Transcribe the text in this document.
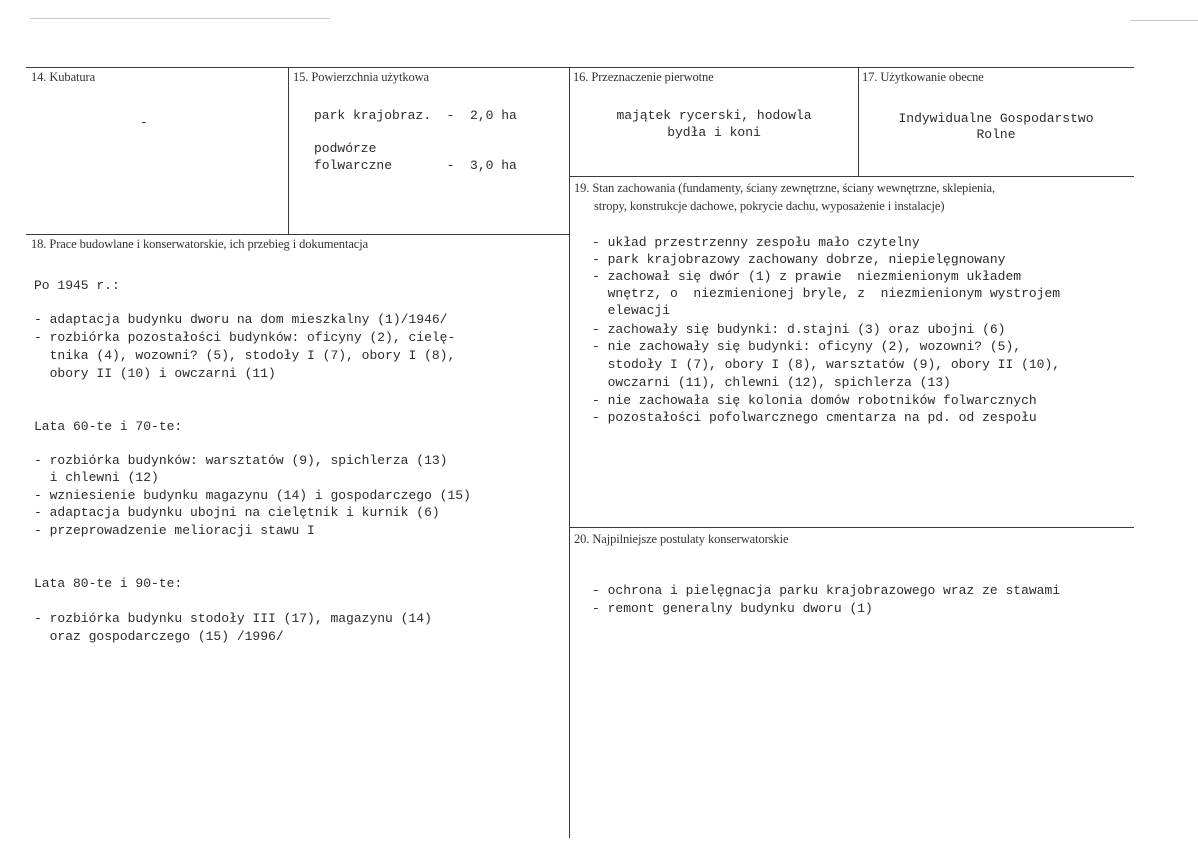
14. Kubatura
-
15. Powierzchnia użytkowa
park krajobraz.  -  2,0 ha
podwórze
folwarczne       -  3,0 ha
16. Przeznaczenie pierwotne
majątek rycerski, hodowla
bydła i koni
17. Użytkowanie obecne
Indywidualne Gospodarstwo
Rolne
19. Stan zachowania (fundamenty, ściany zewnętrzne, ściany wewnętrzne, sklepienia,
stropy, konstrukcje dachowe, pokrycie dachu, wyposażenie i instalacje)
- układ przestrzenny zespołu mało czytelny
- park krajobrazowy zachowany dobrze, niepielęgnowany
- zachował się dwór (1) z prawie  niezmienionym układem
wnętrz, o  niezmienionej bryle, z  niezmienionym wystrojem
elewacji
- zachowały się budynki: d.stajni (3) oraz ubojni (6)
- nie zachowały się budynki: oficyny (2), wozowni? (5),
stodoły I (7), obory I (8), warsztatów (9), obory II (10),
owczarni (11), chlewni (12), spichlerza (13)
- nie zachowała się kolonia domów robotników folwarcznych
- pozostałości pofolwarcznego cmentarza na pd. od zespołu
18. Prace budowlane i konserwatorskie, ich przebieg i dokumentacja
Po 1945 r.:
- adaptacja budynku dworu na dom mieszkalny (1)/1946/
- rozbiórka pozostałości budynków: oficyny (2), cielę-
tnika (4), wozowni? (5), stodoły I (7), obory I (8),
obory II (10) i owczarni (11)
Lata 60-te i 70-te:
- rozbiórka budynków: warsztatów (9), spichlerza (13)
i chlewni (12)
- wzniesienie budynku magazynu (14) i gospodarczego (15)
- adaptacja budynku ubojni na cielętnik i kurnik (6)
- przeprowadzenie melioracji stawu I
Lata 80-te i 90-te:
- rozbiórka budynku stodoły III (17), magazynu (14)
oraz gospodarczego (15) /1996/
20. Najpilniejsze postulaty konserwatorskie
- ochrona i pielęgnacja parku krajobrazowego wraz ze stawami
- remont generalny budynku dworu (1)
